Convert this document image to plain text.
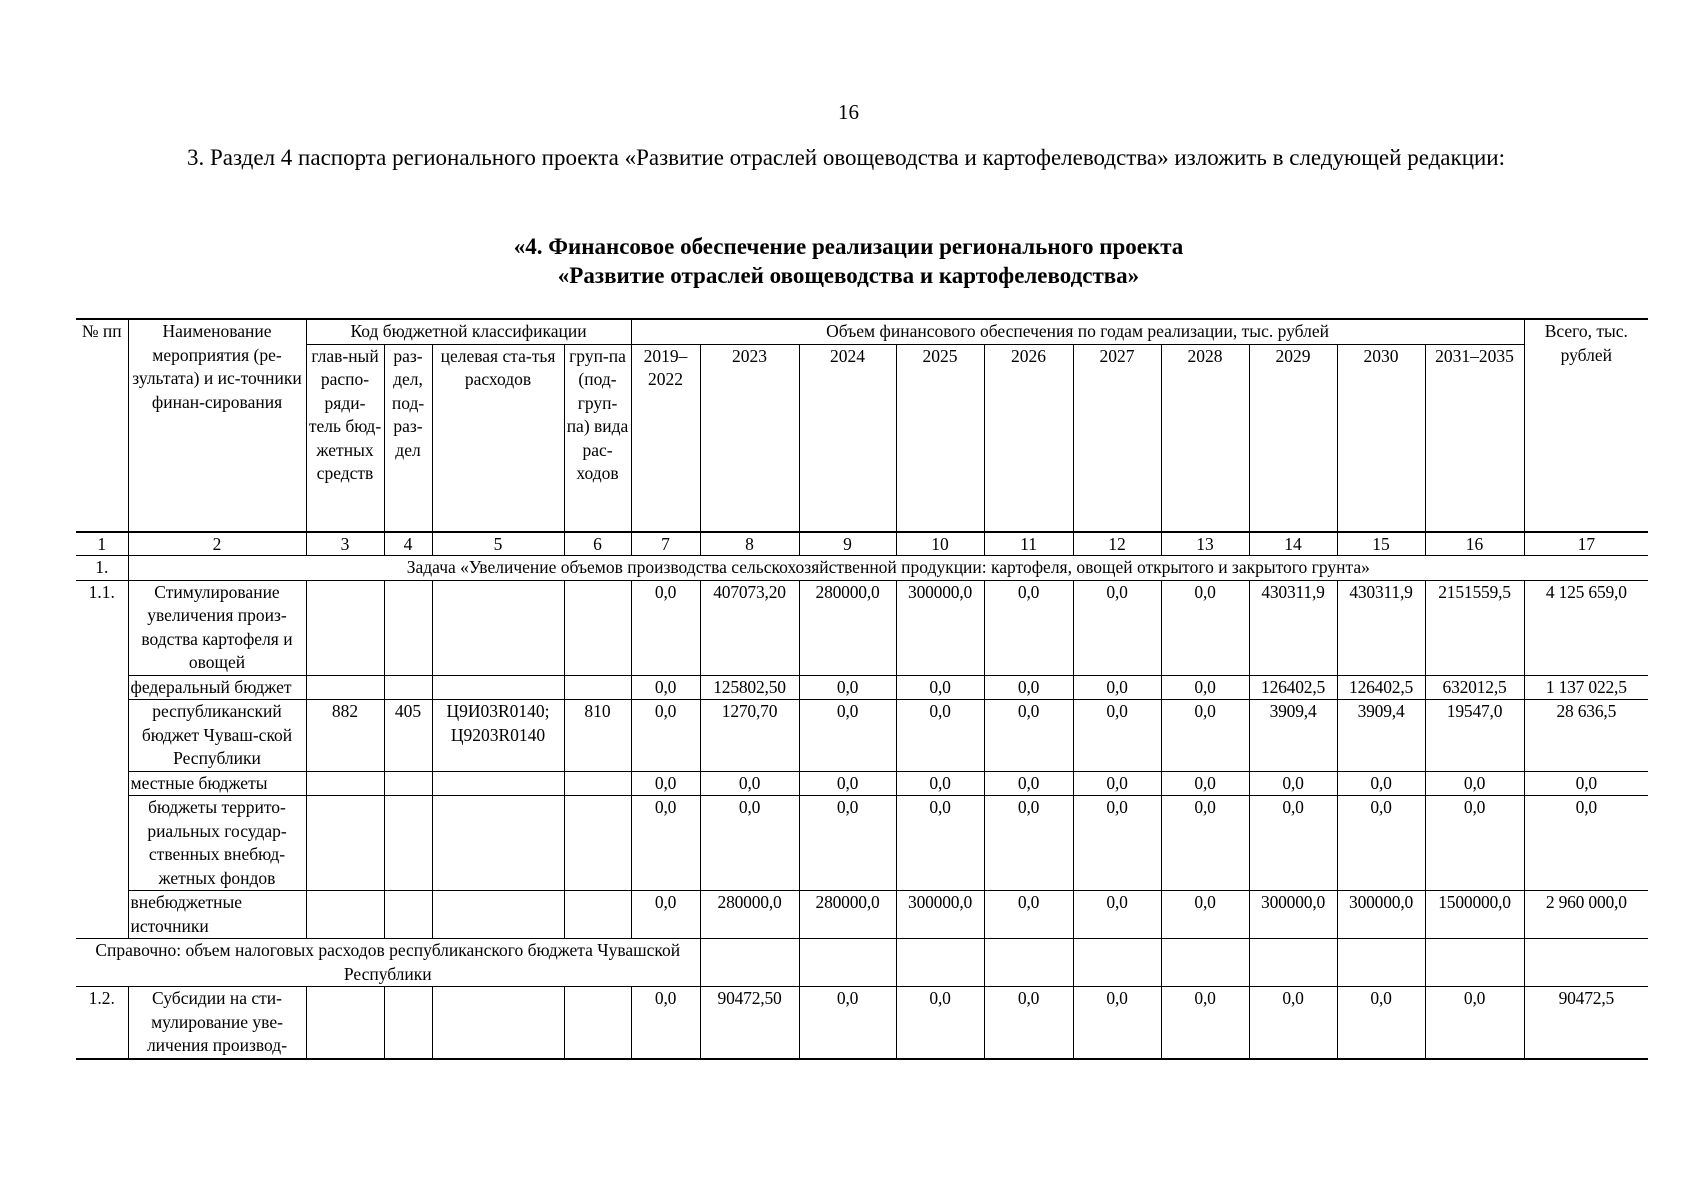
16

3. Раздел 4 паспорта регионального проекта «Развитие отраслей овощеводства и картофелеводства» изложить в следующей редакции:

«4. Финансовое обеспечение реализации регионального проекта
«Развитие отраслей овощеводства и картофелеводства»
№ пп	Наименование мероприятия (ре-зультата) и ис-точники финан-сирования	Код бюджетной классификации				Объем финансового обеспечения по годам реализации, тыс. рублей										Всего, тыс. рублей
		глав-ный распо-ряди-тель бюд-жетных средств	раз-дел, под-раз-дел	целевая ста-тья расходов	груп-па (под-груп-па) вида рас-ходов	2019–2022	2023	2024	2025	2026	2027	2028	2029	2030	2031–2035	
1	2	3	4	5	6	7	8	9	10	11	12	13	14	15	16	17
1.	Задача «Увеличение объемов производства сельскохозяйственной продукции: картофеля, овощей открытого и закрытого грунта»															
1.1.	Стимулирование увеличения произ-водства картофеля и овощей					0,0	407073,20	280000,0	300000,0	0,0	0,0	0,0	430311,9	430311,9	2151559,5	4 125 659,0
	федеральный бюджет					0,0	125802,50	0,0	0,0	0,0	0,0	0,0	126402,5	126402,5	632012,5	1 137 022,5
	республиканский бюджет Чуваш-ской Республики	882	405	Ц9И03R0140; Ц9203R0140	810	0,0	1270,70	0,0	0,0	0,0	0,0	0,0	3909,4	3909,4	19547,0	28 636,5
	местные бюджеты					0,0	0,0	0,0	0,0	0,0	0,0	0,0	0,0	0,0	0,0	0,0
	бюджеты террито-риальных государ-ственных внебюд-жетных фондов					0,0	0,0	0,0	0,0	0,0	0,0	0,0	0,0	0,0	0,0	0,0
	внебюджетные источники					0,0	280000,0	280000,0	300000,0	0,0	0,0	0,0	300000,0	300000,0	1500000,0	2 960 000,0
Справочно: объем налоговых расходов республиканского бюджета Чувашской Республики																
1.2.	Субсидии на сти-мулирование уве-личения производ-					0,0	90472,50	0,0	0,0	0,0	0,0	0,0	0,0	0,0	0,0	90472,5
